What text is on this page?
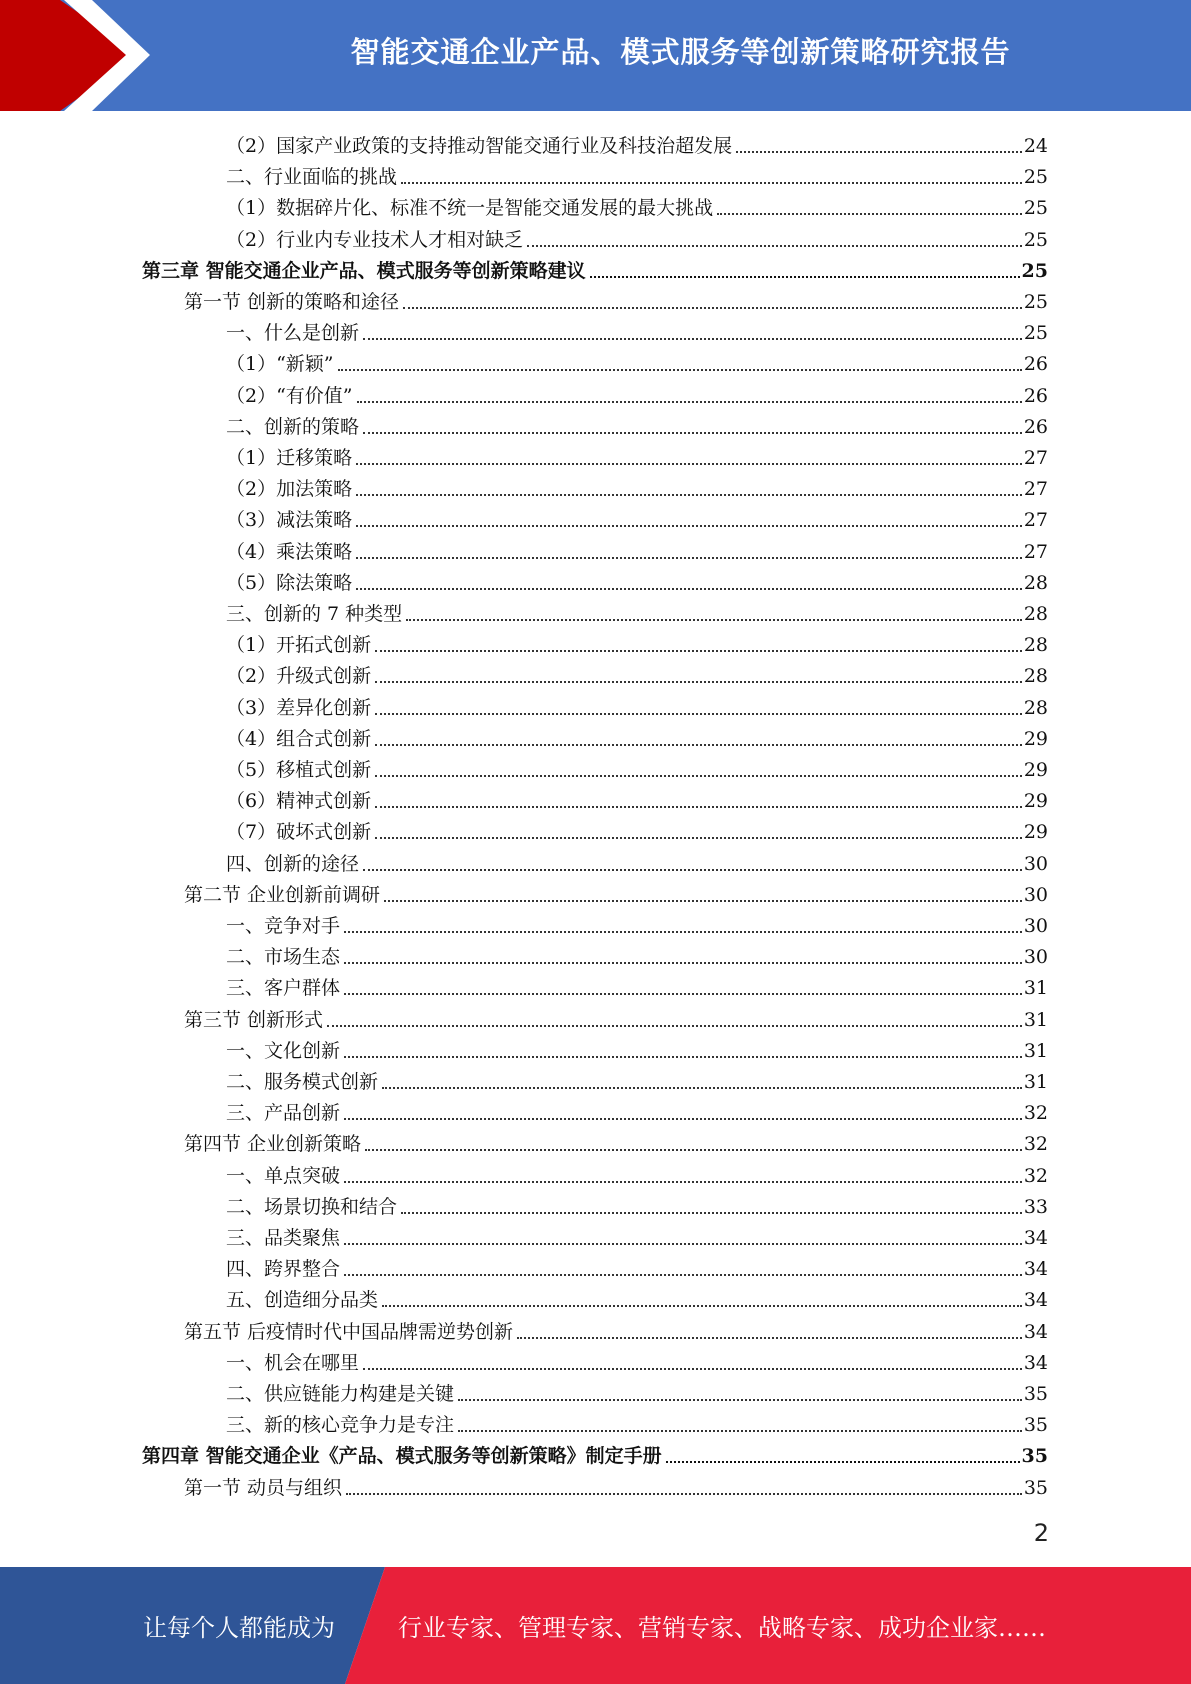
智能交通企业产品、模式服务等创新策略研究报告
（2）国家产业政策的支持推动智能交通行业及科技治超发展	24
二、行业面临的挑战	25
（1）数据碎片化、标准不统一是智能交通发展的最大挑战	25
（2）行业内专业技术人才相对缺乏	25
第三章 智能交通企业产品、模式服务等创新策略建议	25
第一节 创新的策略和途径	25
一、什么是创新	25
（1）“新颖”	26
（2）“有价值”	26
二、创新的策略	26
（1）迁移策略	27
（2）加法策略	27
（3）减法策略	27
（4）乘法策略	27
（5）除法策略	28
三、创新的 7 种类型	28
（1）开拓式创新	28
（2）升级式创新	28
（3）差异化创新	28
（4）组合式创新	29
（5）移植式创新	29
（6）精神式创新	29
（7）破坏式创新	29
四、创新的途径	30
第二节 企业创新前调研	30
一、竞争对手	30
二、市场生态	30
三、客户群体	31
第三节 创新形式	31
一、文化创新	31
二、服务模式创新	31
三、产品创新	32
第四节 企业创新策略	32
一、单点突破	32
二、场景切换和结合	33
三、品类聚焦	34
四、跨界整合	34
五、创造细分品类	34
第五节 后疫情时代中国品牌需逆势创新	34
一、机会在哪里	34
二、供应链能力构建是关键	35
三、新的核心竞争力是专注	35
第四章 智能交通企业《产品、模式服务等创新策略》制定手册	35
第一节 动员与组织	35
2
让每个人都能成为	行业专家、管理专家、营销专家、战略专家、成功企业家……
